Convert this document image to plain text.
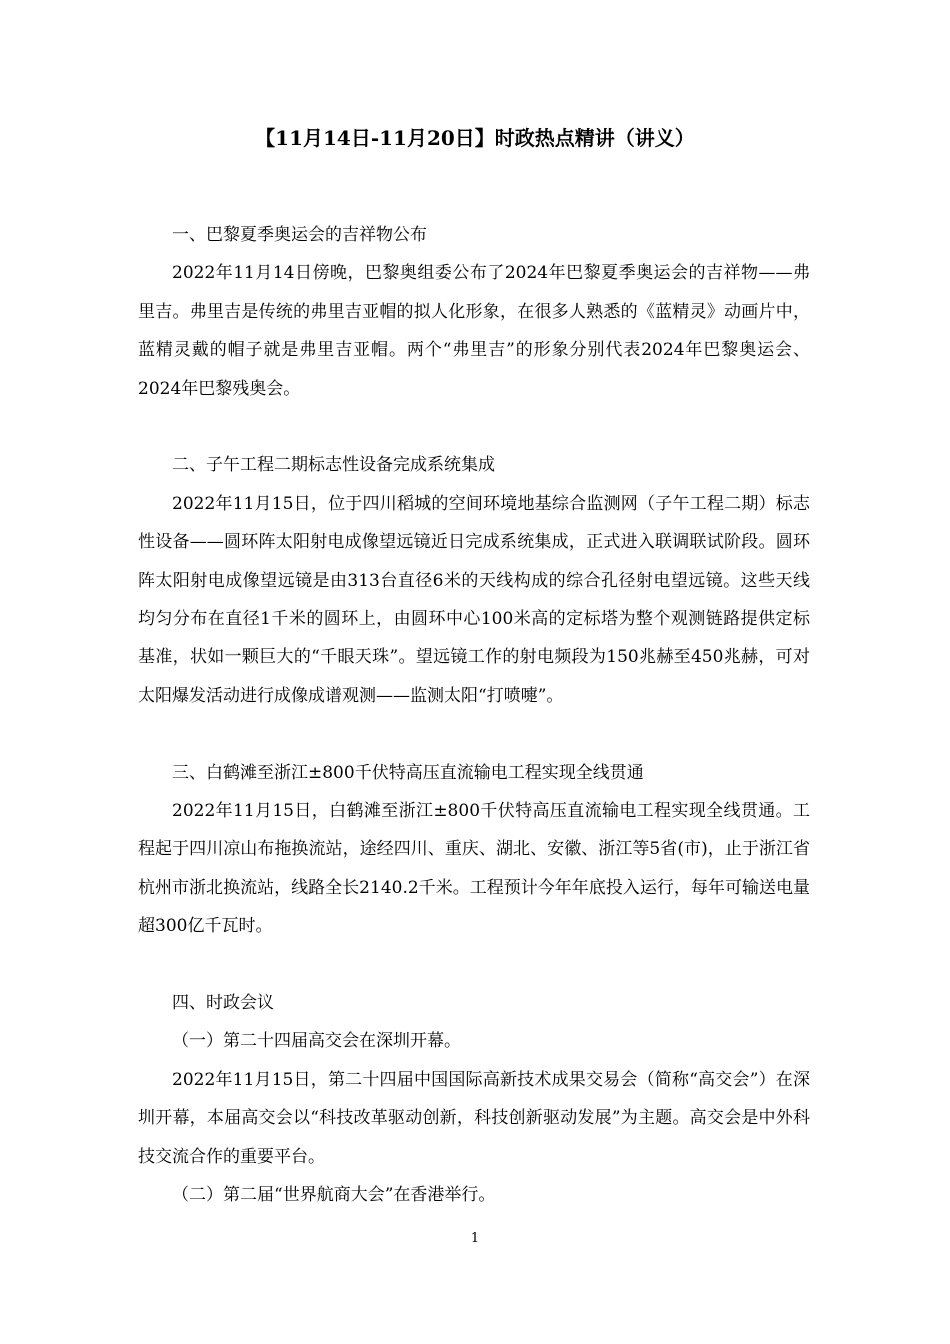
【11月14日-11月20日】时政热点精讲（讲义）

一、巴黎夏季奥运会的吉祥物公布

2022年11月14日傍晚，巴黎奥组委公布了2024年巴黎夏季奥运会的吉祥物——弗里吉。弗里吉是传统的弗里吉亚帽的拟人化形象，在很多人熟悉的《蓝精灵》动画片中，蓝精灵戴的帽子就是弗里吉亚帽。两个“弗里吉”的形象分别代表2024年巴黎奥运会、2024年巴黎残奥会。

二、子午工程二期标志性设备完成系统集成

2022年11月15日，位于四川稻城的空间环境地基综合监测网（子午工程二期）标志性设备——圆环阵太阳射电成像望远镜近日完成系统集成，正式进入联调联试阶段。圆环阵太阳射电成像望远镜是由313台直径6米的天线构成的综合孔径射电望远镜。这些天线均匀分布在直径1千米的圆环上，由圆环中心100米高的定标塔为整个观测链路提供定标基准，状如一颗巨大的“千眼天珠”。望远镜工作的射电频段为150兆赫至450兆赫，可对太阳爆发活动进行成像成谱观测——监测太阳“打喷嚏”。

三、白鹤滩至浙江±800千伏特高压直流输电工程实现全线贯通

2022年11月15日，白鹤滩至浙江±800千伏特高压直流输电工程实现全线贯通。工程起于四川凉山布拖换流站，途经四川、重庆、湖北、安徽、浙江等5省(市)，止于浙江省杭州市浙北换流站，线路全长2140.2千米。工程预计今年年底投入运行，每年可输送电量超300亿千瓦时。

四、时政会议

（一）第二十四届高交会在深圳开幕。

2022年11月15日，第二十四届中国国际高新技术成果交易会（简称“高交会”）在深圳开幕，本届高交会以“科技改革驱动创新，科技创新驱动发展”为主题。高交会是中外科技交流合作的重要平台。

（二）第二届“世界航商大会”在香港举行。

1
